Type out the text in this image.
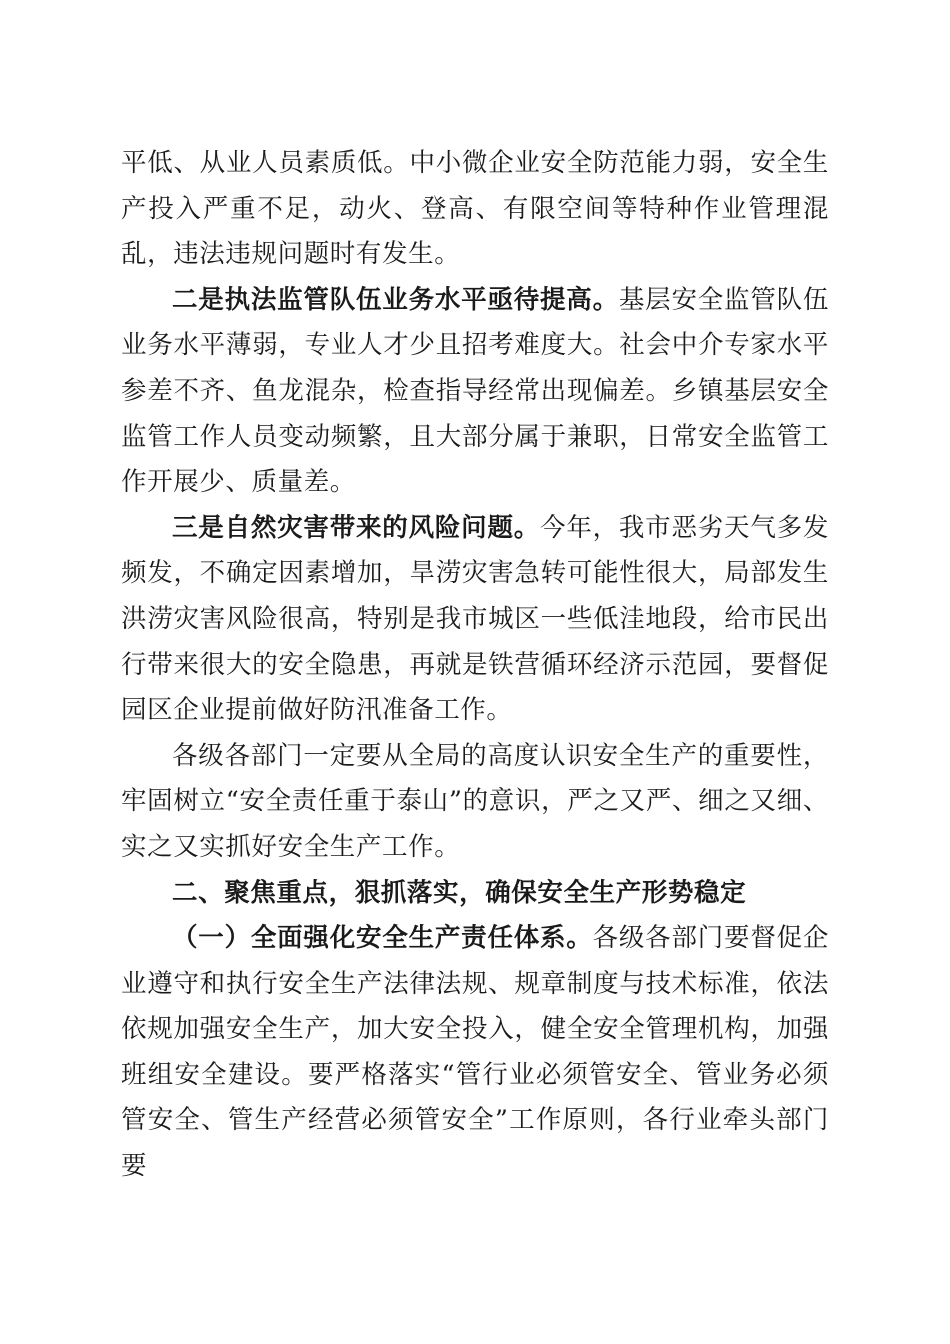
平低、从业人员素质低。中小微企业安全防范能力弱，安全生产投入严重不足，动火、登高、有限空间等特种作业管理混乱，违法违规问题时有发生。

二是执法监管队伍业务水平亟待提高。基层安全监管队伍业务水平薄弱，专业人才少且招考难度大。社会中介专家水平参差不齐、鱼龙混杂，检查指导经常出现偏差。乡镇基层安全监管工作人员变动频繁，且大部分属于兼职，日常安全监管工作开展少、质量差。

三是自然灾害带来的风险问题。今年，我市恶劣天气多发频发，不确定因素增加，旱涝灾害急转可能性很大，局部发生洪涝灾害风险很高，特别是我市城区一些低洼地段，给市民出行带来很大的安全隐患，再就是铁营循环经济示范园，要督促园区企业提前做好防汛准备工作。

各级各部门一定要从全局的高度认识安全生产的重要性，牢固树立“安全责任重于泰山”的意识，严之又严、细之又细、实之又实抓好安全生产工作。

二、聚焦重点，狠抓落实，确保安全生产形势稳定

（一）全面强化安全生产责任体系。各级各部门要督促企业遵守和执行安全生产法律法规、规章制度与技术标准，依法依规加强安全生产，加大安全投入，健全安全管理机构，加强班组安全建设。要严格落实“管行业必须管安全、管业务必须管安全、管生产经营必须管安全”工作原则，各行业牵头部门要
